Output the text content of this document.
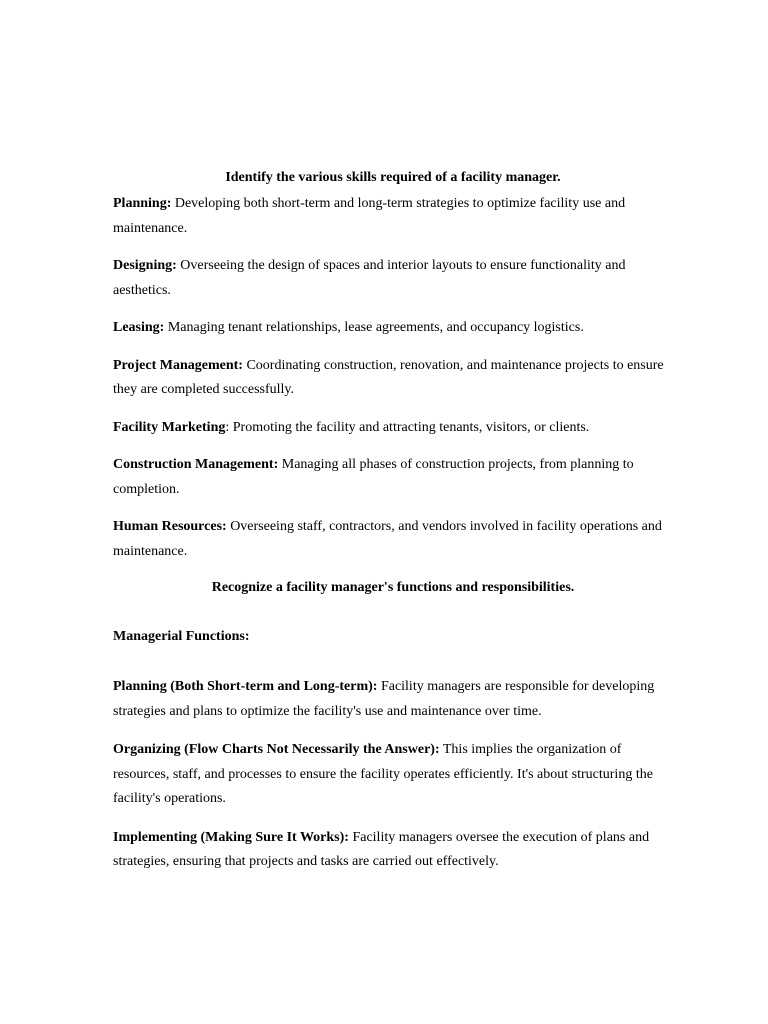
Identify the various skills required of a facility manager.

Planning: Developing both short-term and long-term strategies to optimize facility use and maintenance.

Designing: Overseeing the design of spaces and interior layouts to ensure functionality and aesthetics.

Leasing: Managing tenant relationships, lease agreements, and occupancy logistics.

Project Management: Coordinating construction, renovation, and maintenance projects to ensure they are completed successfully.

Facility Marketing: Promoting the facility and attracting tenants, visitors, or clients.

Construction Management: Managing all phases of construction projects, from planning to completion.

Human Resources: Overseeing staff, contractors, and vendors involved in facility operations and maintenance.

Recognize a facility manager's functions and responsibilities.

Managerial Functions:

Planning (Both Short-term and Long-term): Facility managers are responsible for developing strategies and plans to optimize the facility's use and maintenance over time.

Organizing (Flow Charts Not Necessarily the Answer): This implies the organization of resources, staff, and processes to ensure the facility operates efficiently. It's about structuring the facility's operations.

Implementing (Making Sure It Works): Facility managers oversee the execution of plans and strategies, ensuring that projects and tasks are carried out effectively.
